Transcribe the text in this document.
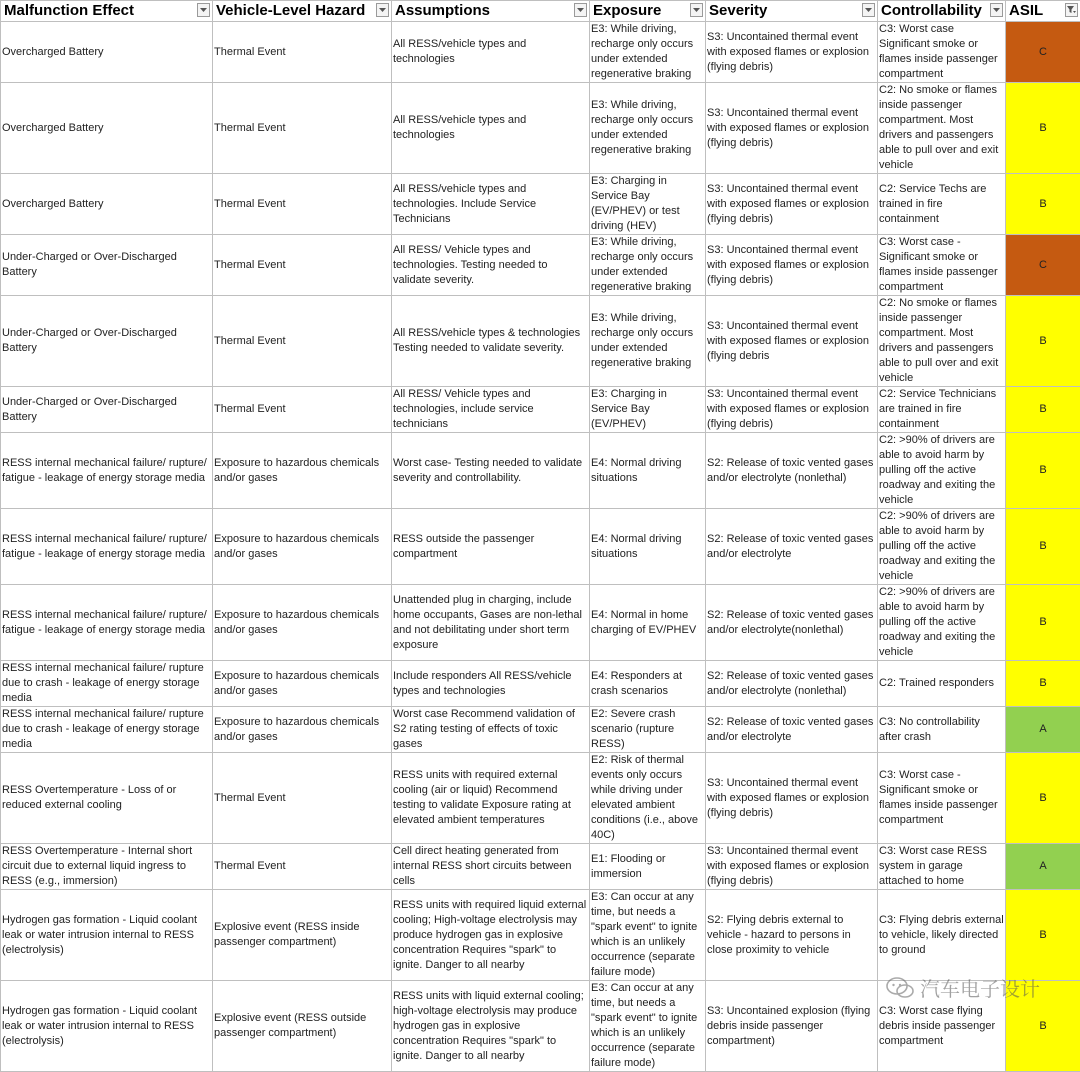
Malfunction Effect	Vehicle-Level Hazard	Assumptions	Exposure	Severity	Controllability	ASIL

Overcharged Battery	Thermal Event	All RESS/vehicle types and technologies	E3: While driving, recharge only occurs under extended regenerative braking	S3: Uncontained thermal event with exposed flames or explosion (flying debris)	C3: Worst case Significant smoke or flames inside passenger compartment	C

Overcharged Battery	Thermal Event	All RESS/vehicle types and technologies	E3: While driving, recharge only occurs under extended regenerative braking	S3: Uncontained thermal event with exposed flames or explosion (flying debris)	C2: No smoke or flames inside passenger compartment. Most drivers and passengers able to pull over and exit vehicle	B

Overcharged Battery	Thermal Event	All RESS/vehicle types and technologies. Include Service Technicians	E3: Charging in Service Bay (EV/PHEV) or test driving (HEV)	S3: Uncontained thermal event with exposed flames or explosion (flying debris)	C2: Service Techs are trained in fire containment	B

Under-Charged or Over-Discharged Battery	Thermal Event	All RESS/ Vehicle types and technologies. Testing needed to validate severity.	E3: While driving, recharge only occurs under extended regenerative braking	S3: Uncontained thermal event with exposed flames or explosion (flying debris)	C3: Worst case - Significant smoke or flames inside passenger compartment	C

Under-Charged or Over-Discharged Battery	Thermal Event	All RESS/vehicle types & technologies Testing needed to validate severity.	E3: While driving, recharge only occurs under extended regenerative braking	S3: Uncontained thermal event with exposed flames or explosion (flying debris	C2: No smoke or flames inside passenger compartment. Most drivers and passengers able to pull over and exit vehicle	B

Under-Charged or Over-Discharged Battery	Thermal Event	All RESS/ Vehicle types and technologies, include service technicians	E3: Charging in Service Bay (EV/PHEV)	S3: Uncontained thermal event with exposed flames or explosion (flying debris)	C2: Service Technicians are trained in fire containment	B

RESS internal mechanical failure/ rupture/ fatigue - leakage of energy storage media	Exposure to hazardous chemicals and/or gases	Worst case- Testing needed to validate severity and controllability.	E4: Normal driving situations	S2: Release of toxic vented gases and/or electrolyte (nonlethal)	C2: >90% of drivers are able to avoid harm by pulling off the active roadway and exiting the vehicle	B

RESS internal mechanical failure/ rupture/ fatigue - leakage of energy storage media	Exposure to hazardous chemicals and/or gases	RESS outside the passenger compartment	E4: Normal driving situations	S2: Release of toxic vented gases and/or electrolyte	C2: >90% of drivers are able to avoid harm by pulling off the active roadway and exiting the vehicle	B

RESS internal mechanical failure/ rupture/ fatigue - leakage of energy storage media	Exposure to hazardous chemicals and/or gases	Unattended plug in charging, include home occupants, Gases are non-lethal and not debilitating under short term exposure	E4: Normal in home charging of EV/PHEV	S2: Release of toxic vented gases and/or electrolyte(nonlethal)	C2: >90% of drivers are able to avoid harm by pulling off the active roadway and exiting the vehicle	B

RESS internal mechanical failure/ rupture due to crash - leakage of energy storage media	Exposure to hazardous chemicals and/or gases	Include responders All RESS/vehicle types and technologies	E4: Responders at crash scenarios	S2: Release of toxic vented gases and/or electrolyte (nonlethal)	C2: Trained responders	B

RESS internal mechanical failure/ rupture due to crash - leakage of energy storage media	Exposure to hazardous chemicals and/or gases	Worst case Recommend validation of S2 rating testing of effects of toxic gases	E2: Severe crash scenario (rupture RESS)	S2: Release of toxic vented gases and/or electrolyte	C3: No controllability after crash	A

RESS Overtemperature - Loss of or reduced external cooling	Thermal Event	RESS units with required external cooling (air or liquid) Recommend testing to validate Exposure rating at elevated ambient temperatures	E2: Risk of thermal events only occurs while driving under elevated ambient conditions (i.e., above 40C)	S3: Uncontained thermal event with exposed flames or explosion (flying debris)	C3: Worst case - Significant smoke or flames inside passenger compartment	B

RESS Overtemperature - Internal short circuit due to external liquid ingress to RESS (e.g., immersion)	Thermal Event	Cell direct heating generated from internal RESS short circuits between cells	E1: Flooding or immersion	S3: Uncontained thermal event with exposed flames or explosion (flying debris)	C3: Worst case RESS system in garage attached to home	A

Hydrogen gas formation - Liquid coolant leak or water intrusion internal to RESS (electrolysis)	Explosive event (RESS inside passenger compartment)	RESS units with required liquid external cooling; High-voltage electrolysis may produce hydrogen gas in explosive concentration Requires "spark" to ignite. Danger to all nearby	E3: Can occur at any time, but needs a "spark event" to ignite which is an unlikely occurrence (separate failure mode)	S2: Flying debris external to vehicle - hazard to persons in close proximity to vehicle	C3: Flying debris external to vehicle, likely directed to ground	B

Hydrogen gas formation - Liquid coolant leak or water intrusion internal to RESS (electrolysis)	Explosive event (RESS outside passenger compartment)	RESS units with liquid external cooling; high-voltage electrolysis may produce hydrogen gas in explosive concentration Requires "spark" to ignite. Danger to all nearby	E3: Can occur at any time, but needs a "spark event" to ignite which is an unlikely occurrence (separate failure mode)	S3: Uncontained explosion (flying debris inside passenger compartment)	C3: Worst case flying debris inside passenger compartment	B
汽车电子设计
